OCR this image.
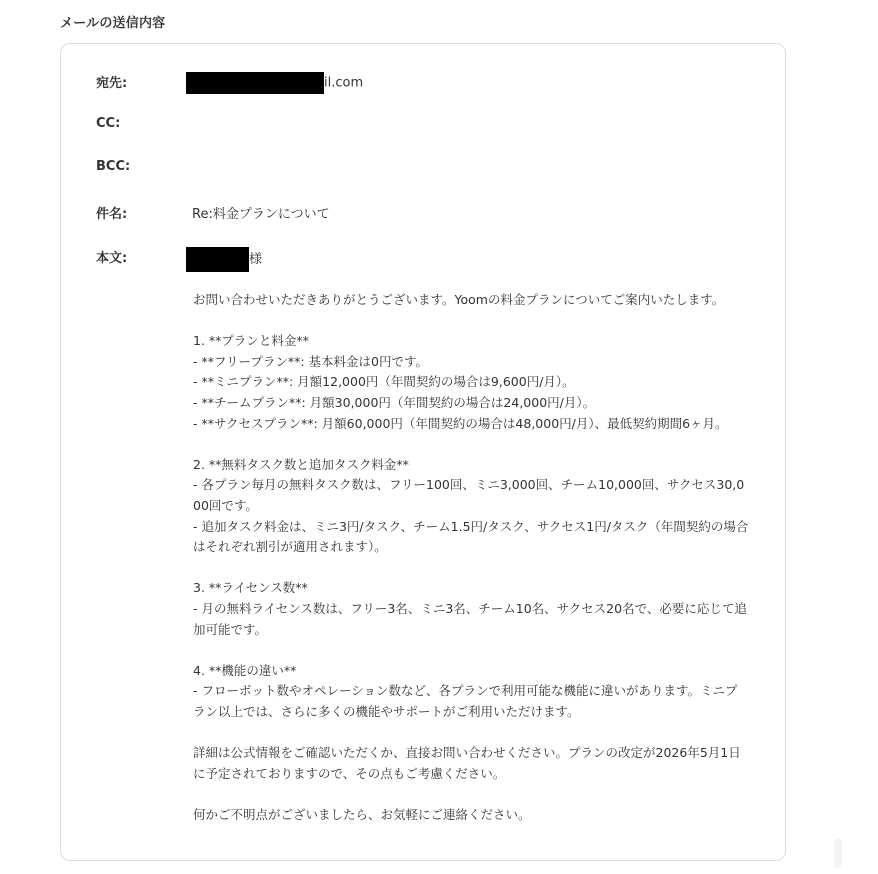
メールの送信内容
宛先:	il.com
CC:
BCC:
件名:	Re:料金プランについて
本文:	様

お問い合わせいただきありがとうございます。Yoomの料金プランについてご案内いたします。

1. **プランと料金**
- **フリープラン**: 基本料金は0円です。
- **ミニプラン**: 月額12,000円（年間契約の場合は9,600円/月）。
- **チームプラン**: 月額30,000円（年間契約の場合は24,000円/月）。
- **サクセスプラン**: 月額60,000円（年間契約の場合は48,000円/月）、最低契約期間6ヶ月。

2. **無料タスク数と追加タスク料金**
- 各プラン毎月の無料タスク数は、フリー100回、ミニ3,000回、チーム10,000回、サクセス30,000回です。
- 追加タスク料金は、ミニ3円/タスク、チーム1.5円/タスク、サクセス1円/タスク（年間契約の場合はそれぞれ割引が適用されます）。

3. **ライセンス数**
- 月の無料ライセンス数は、フリー3名、ミニ3名、チーム10名、サクセス20名で、必要に応じて追加可能です。

4. **機能の違い**
- フローボット数やオペレーション数など、各プランで利用可能な機能に違いがあります。ミニプラン以上では、さらに多くの機能やサポートがご利用いただけます。

詳細は公式情報をご確認いただくか、直接お問い合わせください。プランの改定が2026年5月1日に予定されておりますので、その点もご考慮ください。

何かご不明点がございましたら、お気軽にご連絡ください。
